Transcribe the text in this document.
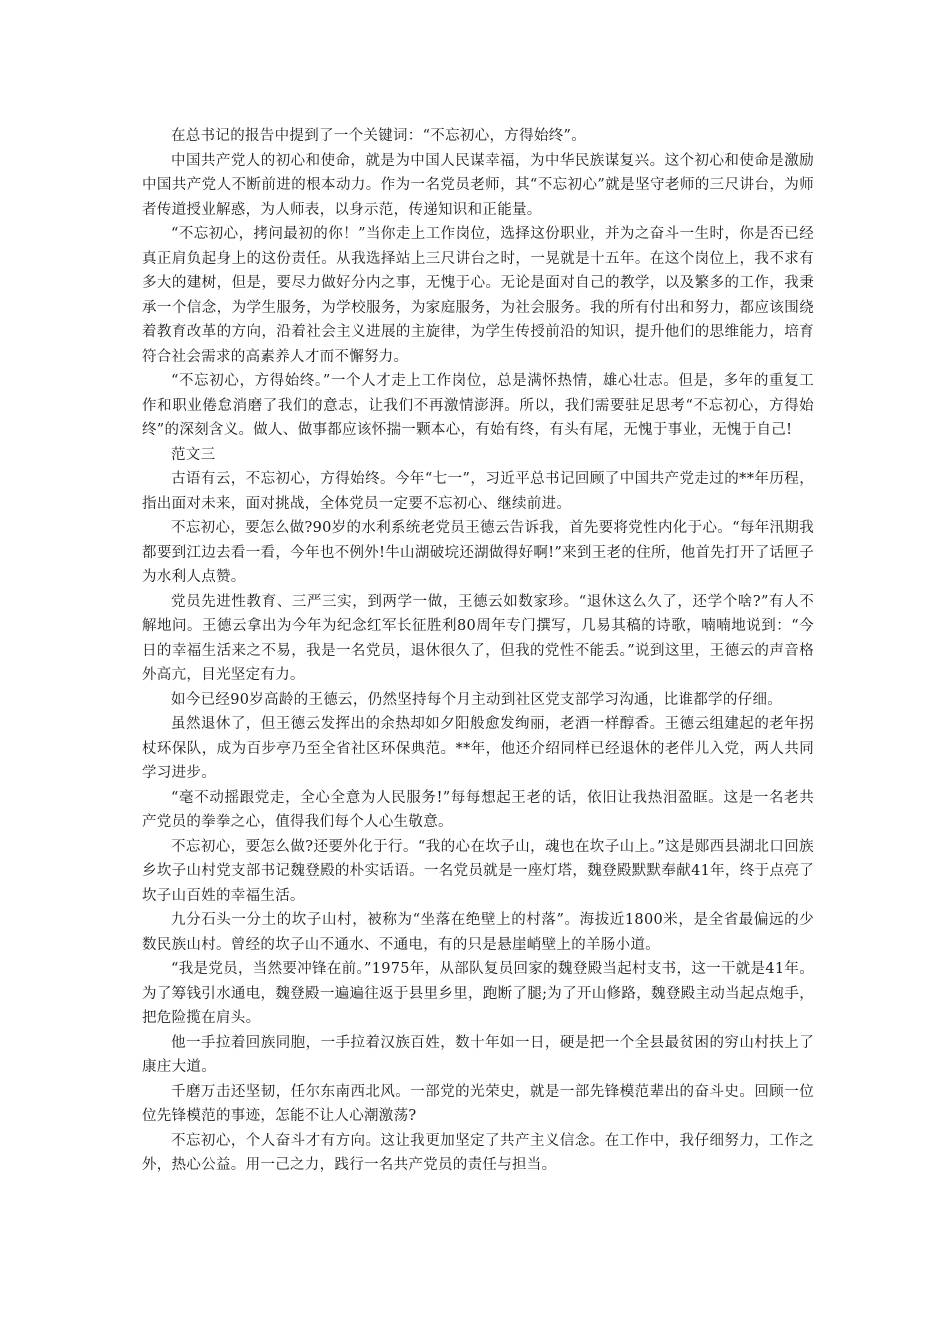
在总书记的报告中提到了一个关键词：“不忘初心，方得始终”。

中国共产党人的初心和使命，就是为中国人民谋幸福，为中华民族谋复兴。这个初心和使命是激励中国共产党人不断前进的根本动力。作为一名党员老师，其“不忘初心”就是坚守老师的三尺讲台，为师者传道授业解惑，为人师表，以身示范，传递知识和正能量。

“不忘初心，拷问最初的你！”当你走上工作岗位，选择这份职业，并为之奋斗一生时，你是否已经真正肩负起身上的这份责任。从我选择站上三尺讲台之时，一晃就是十五年。在这个岗位上，我不求有多大的建树，但是，要尽力做好分内之事，无愧于心。无论是面对自己的教学，以及繁多的工作，我秉承一个信念，为学生服务，为学校服务，为家庭服务，为社会服务。我的所有付出和努力，都应该围绕着教育改革的方向，沿着社会主义进展的主旋律，为学生传授前沿的知识，提升他们的思维能力，培育符合社会需求的高素养人才而不懈努力。

“不忘初心，方得始终。”一个人才走上工作岗位，总是满怀热情，雄心壮志。但是，多年的重复工作和职业倦怠消磨了我们的意志，让我们不再激情澎湃。所以，我们需要驻足思考“不忘初心，方得始终”的深刻含义。做人、做事都应该怀揣一颗本心，有始有终，有头有尾，无愧于事业，无愧于自己!

范文三

古语有云，不忘初心，方得始终。今年“七一”，习近平总书记回顾了中国共产党走过的**年历程，指出面对未来，面对挑战，全体党员一定要不忘初心、继续前进。

不忘初心，要怎么做?90岁的水利系统老党员王德云告诉我，首先要将党性内化于心。“每年汛期我都要到江边去看一看，今年也不例外!牛山湖破垸还湖做得好啊!”来到王老的住所，他首先打开了话匣子为水利人点赞。

党员先进性教育、三严三实，到两学一做，王德云如数家珍。“退休这么久了，还学个啥?”有人不解地问。王德云拿出为今年为纪念红军长征胜利80周年专门撰写，几易其稿的诗歌，喃喃地说到：“今日的幸福生活来之不易，我是一名党员，退休很久了，但我的党性不能丢。”说到这里，王德云的声音格外高亢，目光坚定有力。

如今已经90岁高龄的王德云，仍然坚持每个月主动到社区党支部学习沟通，比谁都学的仔细。

虽然退休了，但王德云发挥出的余热却如夕阳般愈发绚丽，老酒一样醇香。王德云组建起的老年拐杖环保队，成为百步亭乃至全省社区环保典范。**年，他还介绍同样已经退休的老伴儿入党，两人共同学习进步。

“毫不动摇跟党走，全心全意为人民服务!”每每想起王老的话，依旧让我热泪盈眶。这是一名老共产党员的拳拳之心，值得我们每个人心生敬意。

不忘初心，要怎么做?还要外化于行。“我的心在坎子山，魂也在坎子山上。”这是郧西县湖北口回族乡坎子山村党支部书记魏登殿的朴实话语。一名党员就是一座灯塔，魏登殿默默奉献41年，终于点亮了坎子山百姓的幸福生活。

九分石头一分土的坎子山村，被称为“坐落在绝壁上的村落”。海拔近1800米，是全省最偏远的少数民族山村。曾经的坎子山不通水、不通电，有的只是悬崖峭壁上的羊肠小道。

“我是党员，当然要冲锋在前。”1975年，从部队复员回家的魏登殿当起村支书，这一干就是41年。为了筹钱引水通电，魏登殿一遍遍往返于县里乡里，跑断了腿;为了开山修路，魏登殿主动当起点炮手，把危险揽在肩头。

他一手拉着回族同胞，一手拉着汉族百姓，数十年如一日，硬是把一个全县最贫困的穷山村扶上了康庄大道。

千磨万击还坚韧，任尔东南西北风。一部党的光荣史，就是一部先锋模范辈出的奋斗史。回顾一位位先锋模范的事迹，怎能不让人心潮激荡?

不忘初心，个人奋斗才有方向。这让我更加坚定了共产主义信念。在工作中，我仔细努力，工作之外，热心公益。用一己之力，践行一名共产党员的责任与担当。
